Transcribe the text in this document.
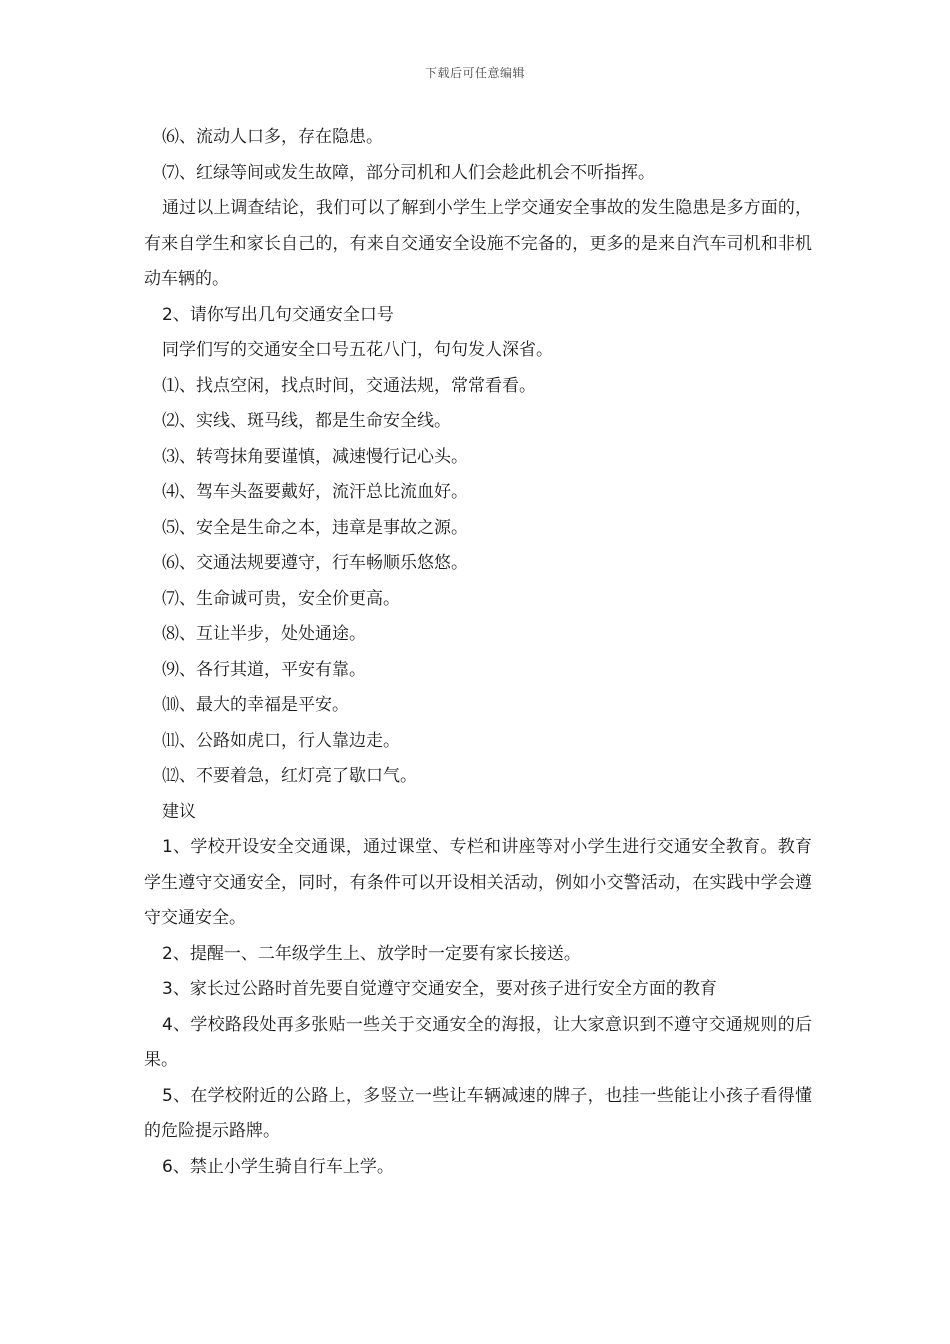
下载后可任意编辑

⑹、流动人口多，存在隐患。

⑺、红绿等间或发生故障，部分司机和人们会趁此机会不听指挥。

通过以上调查结论，我们可以了解到小学生上学交通安全事故的发生隐患是多方面的，有来自学生和家长自己的，有来自交通安全设施不完备的，更多的是来自汽车司机和非机动车辆的。

2、请你写出几句交通安全口号

同学们写的交通安全口号五花八门，句句发人深省。

⑴、找点空闲，找点时间，交通法规，常常看看。

⑵、实线、斑马线，都是生命安全线。

⑶、转弯抹角要谨慎，减速慢行记心头。

⑷、驾车头盔要戴好，流汗总比流血好。

⑸、安全是生命之本，违章是事故之源。

⑹、交通法规要遵守，行车畅顺乐悠悠。

⑺、生命诚可贵，安全价更高。

⑻、互让半步，处处通途。

⑼、各行其道，平安有靠。

⑽、最大的幸福是平安。

⑾、公路如虎口，行人靠边走。

⑿、不要着急，红灯亮了歇口气。

建议

1、学校开设安全交通课，通过课堂、专栏和讲座等对小学生进行交通安全教育。教育学生遵守交通安全，同时，有条件可以开设相关活动，例如小交警活动，在实践中学会遵守交通安全。

2、提醒一、二年级学生上、放学时一定要有家长接送。

3、家长过公路时首先要自觉遵守交通安全，要对孩子进行安全方面的教育

4、学校路段处再多张贴一些关于交通安全的海报，让大家意识到不遵守交通规则的后果。

5、在学校附近的公路上，多竖立一些让车辆减速的牌子，也挂一些能让小孩子看得懂的危险提示路牌。

6、禁止小学生骑自行车上学。
